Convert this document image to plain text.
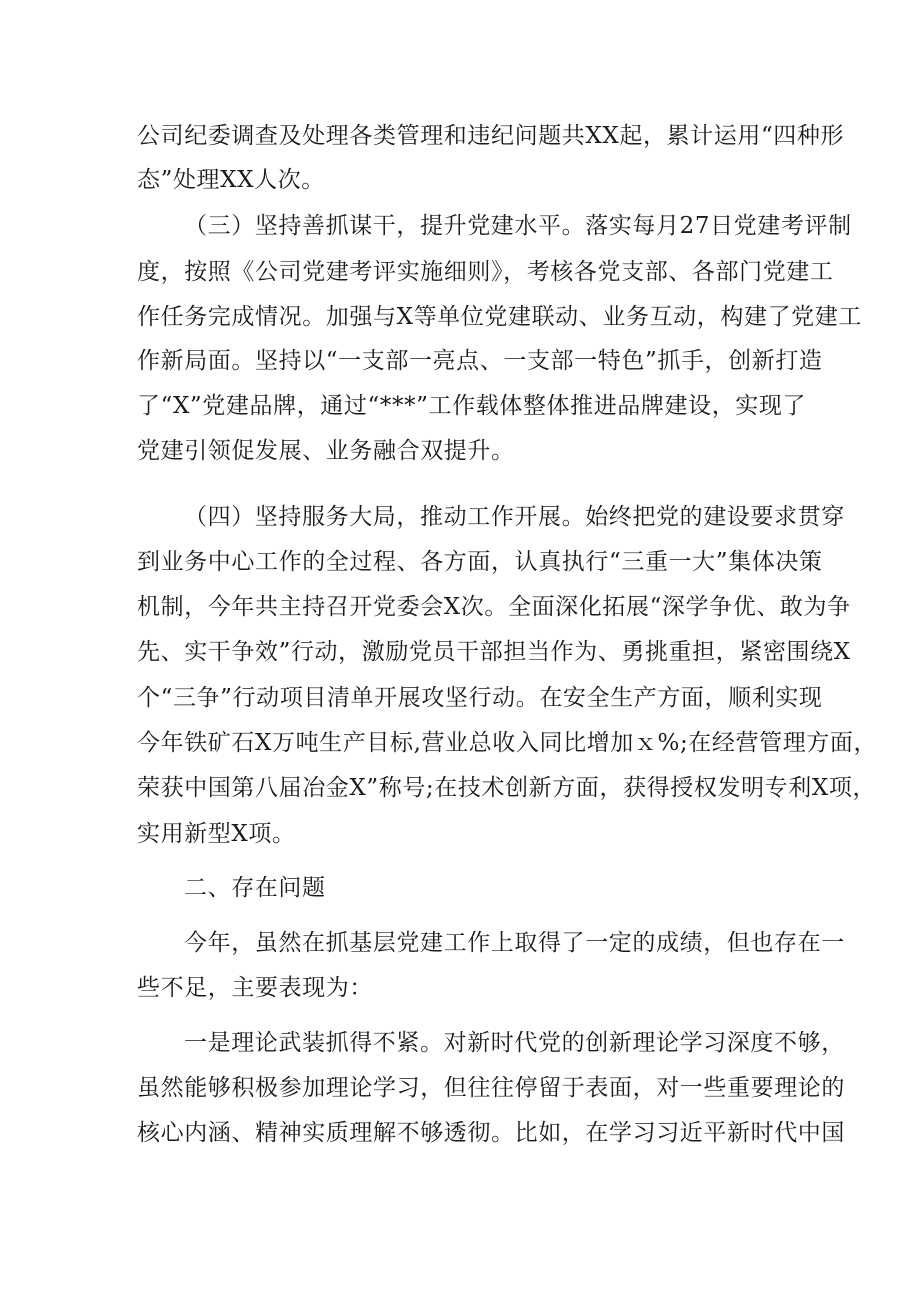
公司纪委调查及处理各类管理和违纪问题共XX起，累计运用“四种形

态”处理XX人次。

（三）坚持善抓谋干，提升党建水平。落实每月27日党建考评制

度，按照《公司党建考评实施细则》，考核各党支部、各部门党建工

作任务完成情况。加强与X等单位党建联动、业务互动，构建了党建工

作新局面。坚持以“一支部一亮点、一支部一特色”抓手，创新打造

了“X”党建品牌，通过“***”工作载体整体推进品牌建设，实现了

党建引领促发展、业务融合双提升。

（四）坚持服务大局，推动工作开展。始终把党的建设要求贯穿

到业务中心工作的全过程、各方面，认真执行“三重一大”集体决策

机制，今年共主持召开党委会X次。全面深化拓展“深学争优、敢为争

先、实干争效”行动，激励党员干部担当作为、勇挑重担，紧密围绕X

个“三争”行动项目清单开展攻坚行动。在安全生产方面，顺利实现

今年铁矿石X万吨生产目标,营业总收入同比增加ｘ%;在经营管理方面，

荣获中国第八届冶金X”称号;在技术创新方面，获得授权发明专利X项，

实用新型X项。

二、存在问题

今年，虽然在抓基层党建工作上取得了一定的成绩，但也存在一

些不足，主要表现为：

一是理论武装抓得不紧。对新时代党的创新理论学习深度不够，

虽然能够积极参加理论学习，但往往停留于表面，对一些重要理论的

核心内涵、精神实质理解不够透彻。比如，在学习习近平新时代中国
